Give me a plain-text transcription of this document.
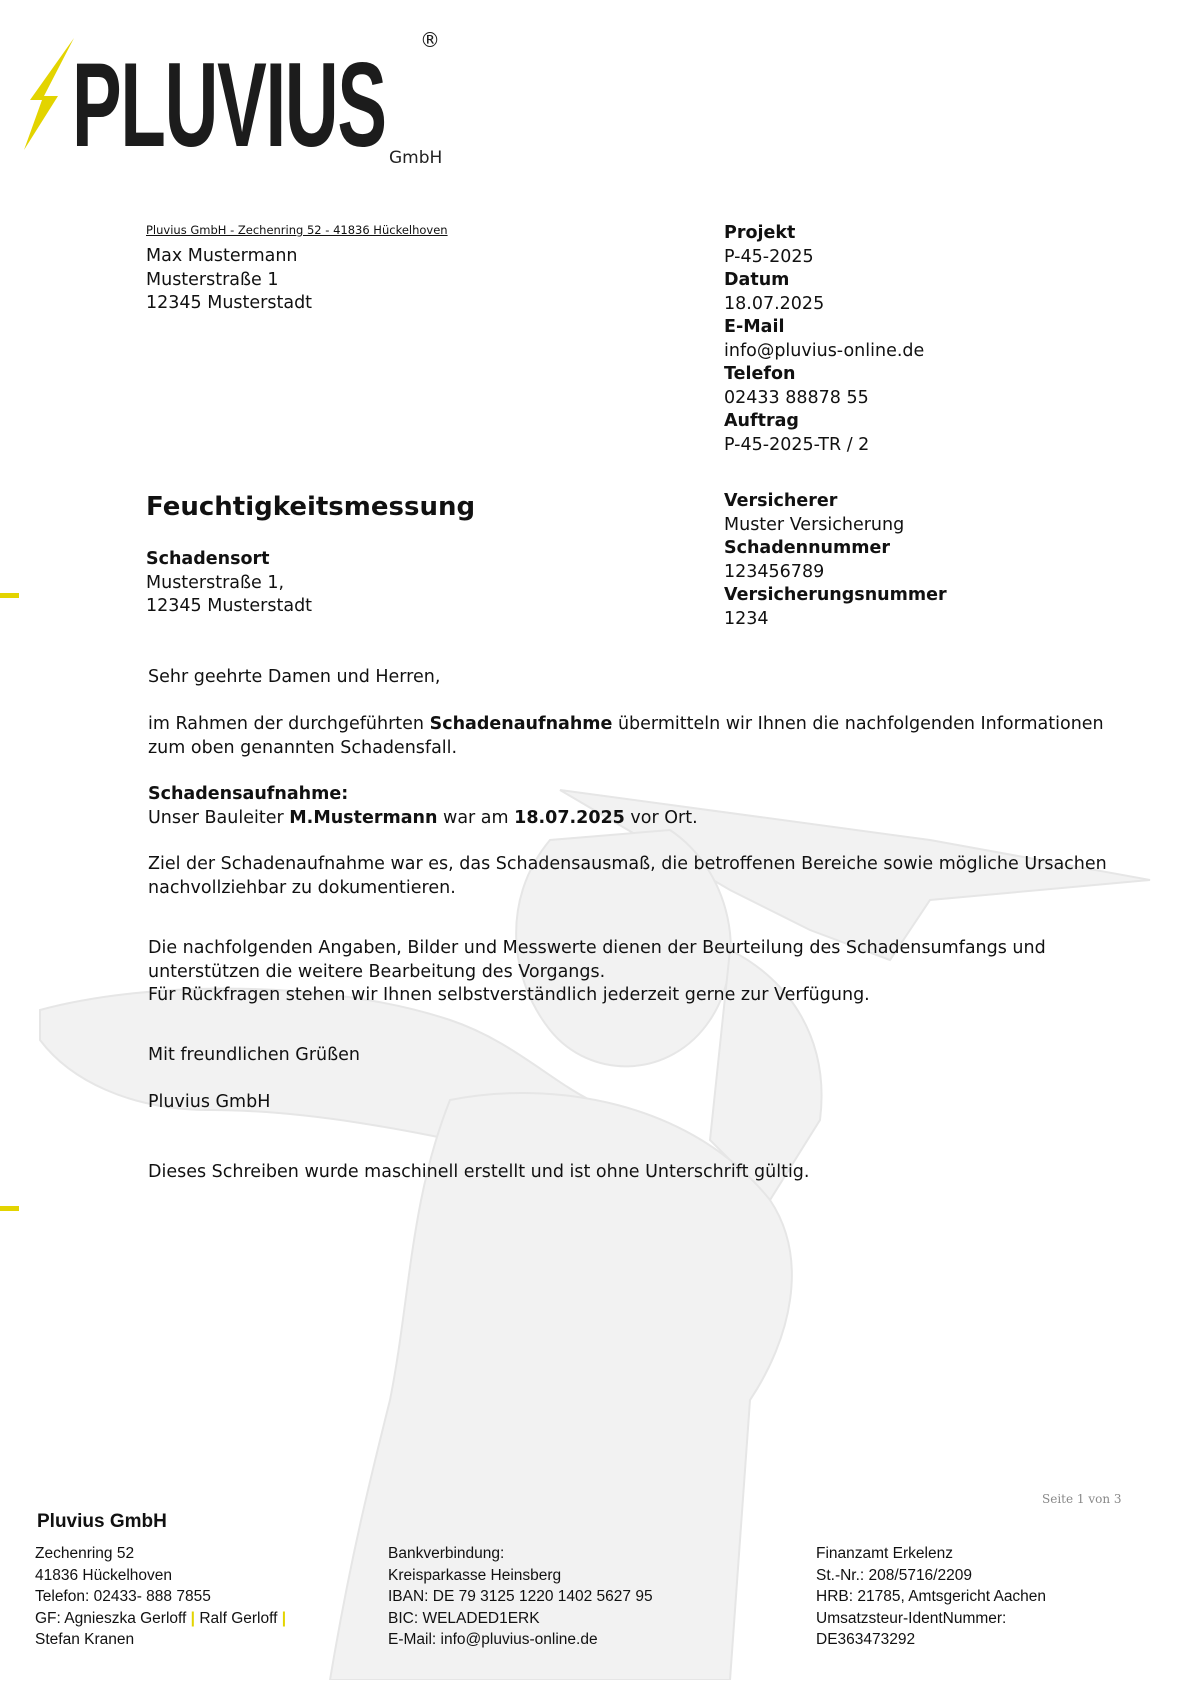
PLUVIUS ®
GmbH
Pluvius GmbH - Zechenring 52 - 41836 Hückelhoven
Max Mustermann
Musterstraße 1
12345 Musterstadt
Projekt
P-45-2025
Datum
18.07.2025
E-Mail
info@pluvius-online.de
Telefon
02433 88878 55
Auftrag
P-45-2025-TR / 2
Feuchtigkeitsmessung
Schadensort
Musterstraße 1,
12345 Musterstadt
Versicherer
Muster Versicherung
Schadennummer
123456789
Versicherungsnummer
1234
Sehr geehrte Damen und Herren,

im Rahmen der durchgeführten Schadenaufnahme übermitteln wir Ihnen die nachfolgenden Informationen zum oben genannten Schadensfall.

Schadensaufnahme:

Unser Bauleiter M.Mustermann war am 18.07.2025 vor Ort.

Ziel der Schadenaufnahme war es, das Schadensausmaß, die betroffenen Bereiche sowie mögliche Ursachen nachvollziehbar zu dokumentieren.

Die nachfolgenden Angaben, Bilder und Messwerte dienen der Beurteilung des Schadensumfangs und unterstützen die weitere Bearbeitung des Vorgangs.

Für Rückfragen stehen wir Ihnen selbstverständlich jederzeit gerne zur Verfügung.

Mit freundlichen Grüßen
Pluvius GmbH
Dieses Schreiben wurde maschinell erstellt und ist ohne Unterschrift gültig.
Seite 1 von 3
Pluvius GmbH
Zechenring 52
41836 Hückelhoven
Telefon: 02433- 888 7855
GF: Agnieszka Gerloff | Ralf Gerloff |
Stefan Kranen
Bankverbindung:
Kreisparkasse Heinsberg
IBAN: DE 79 3125 1220 1402 5627 95
BIC: WELADED1ERK
E-Mail: info@pluvius-online.de
Finanzamt Erkelenz
St.-Nr.: 208/5716/2209
HRB: 21785, Amtsgericht Aachen
Umsatzsteur-IdentNummer:
DE363473292
